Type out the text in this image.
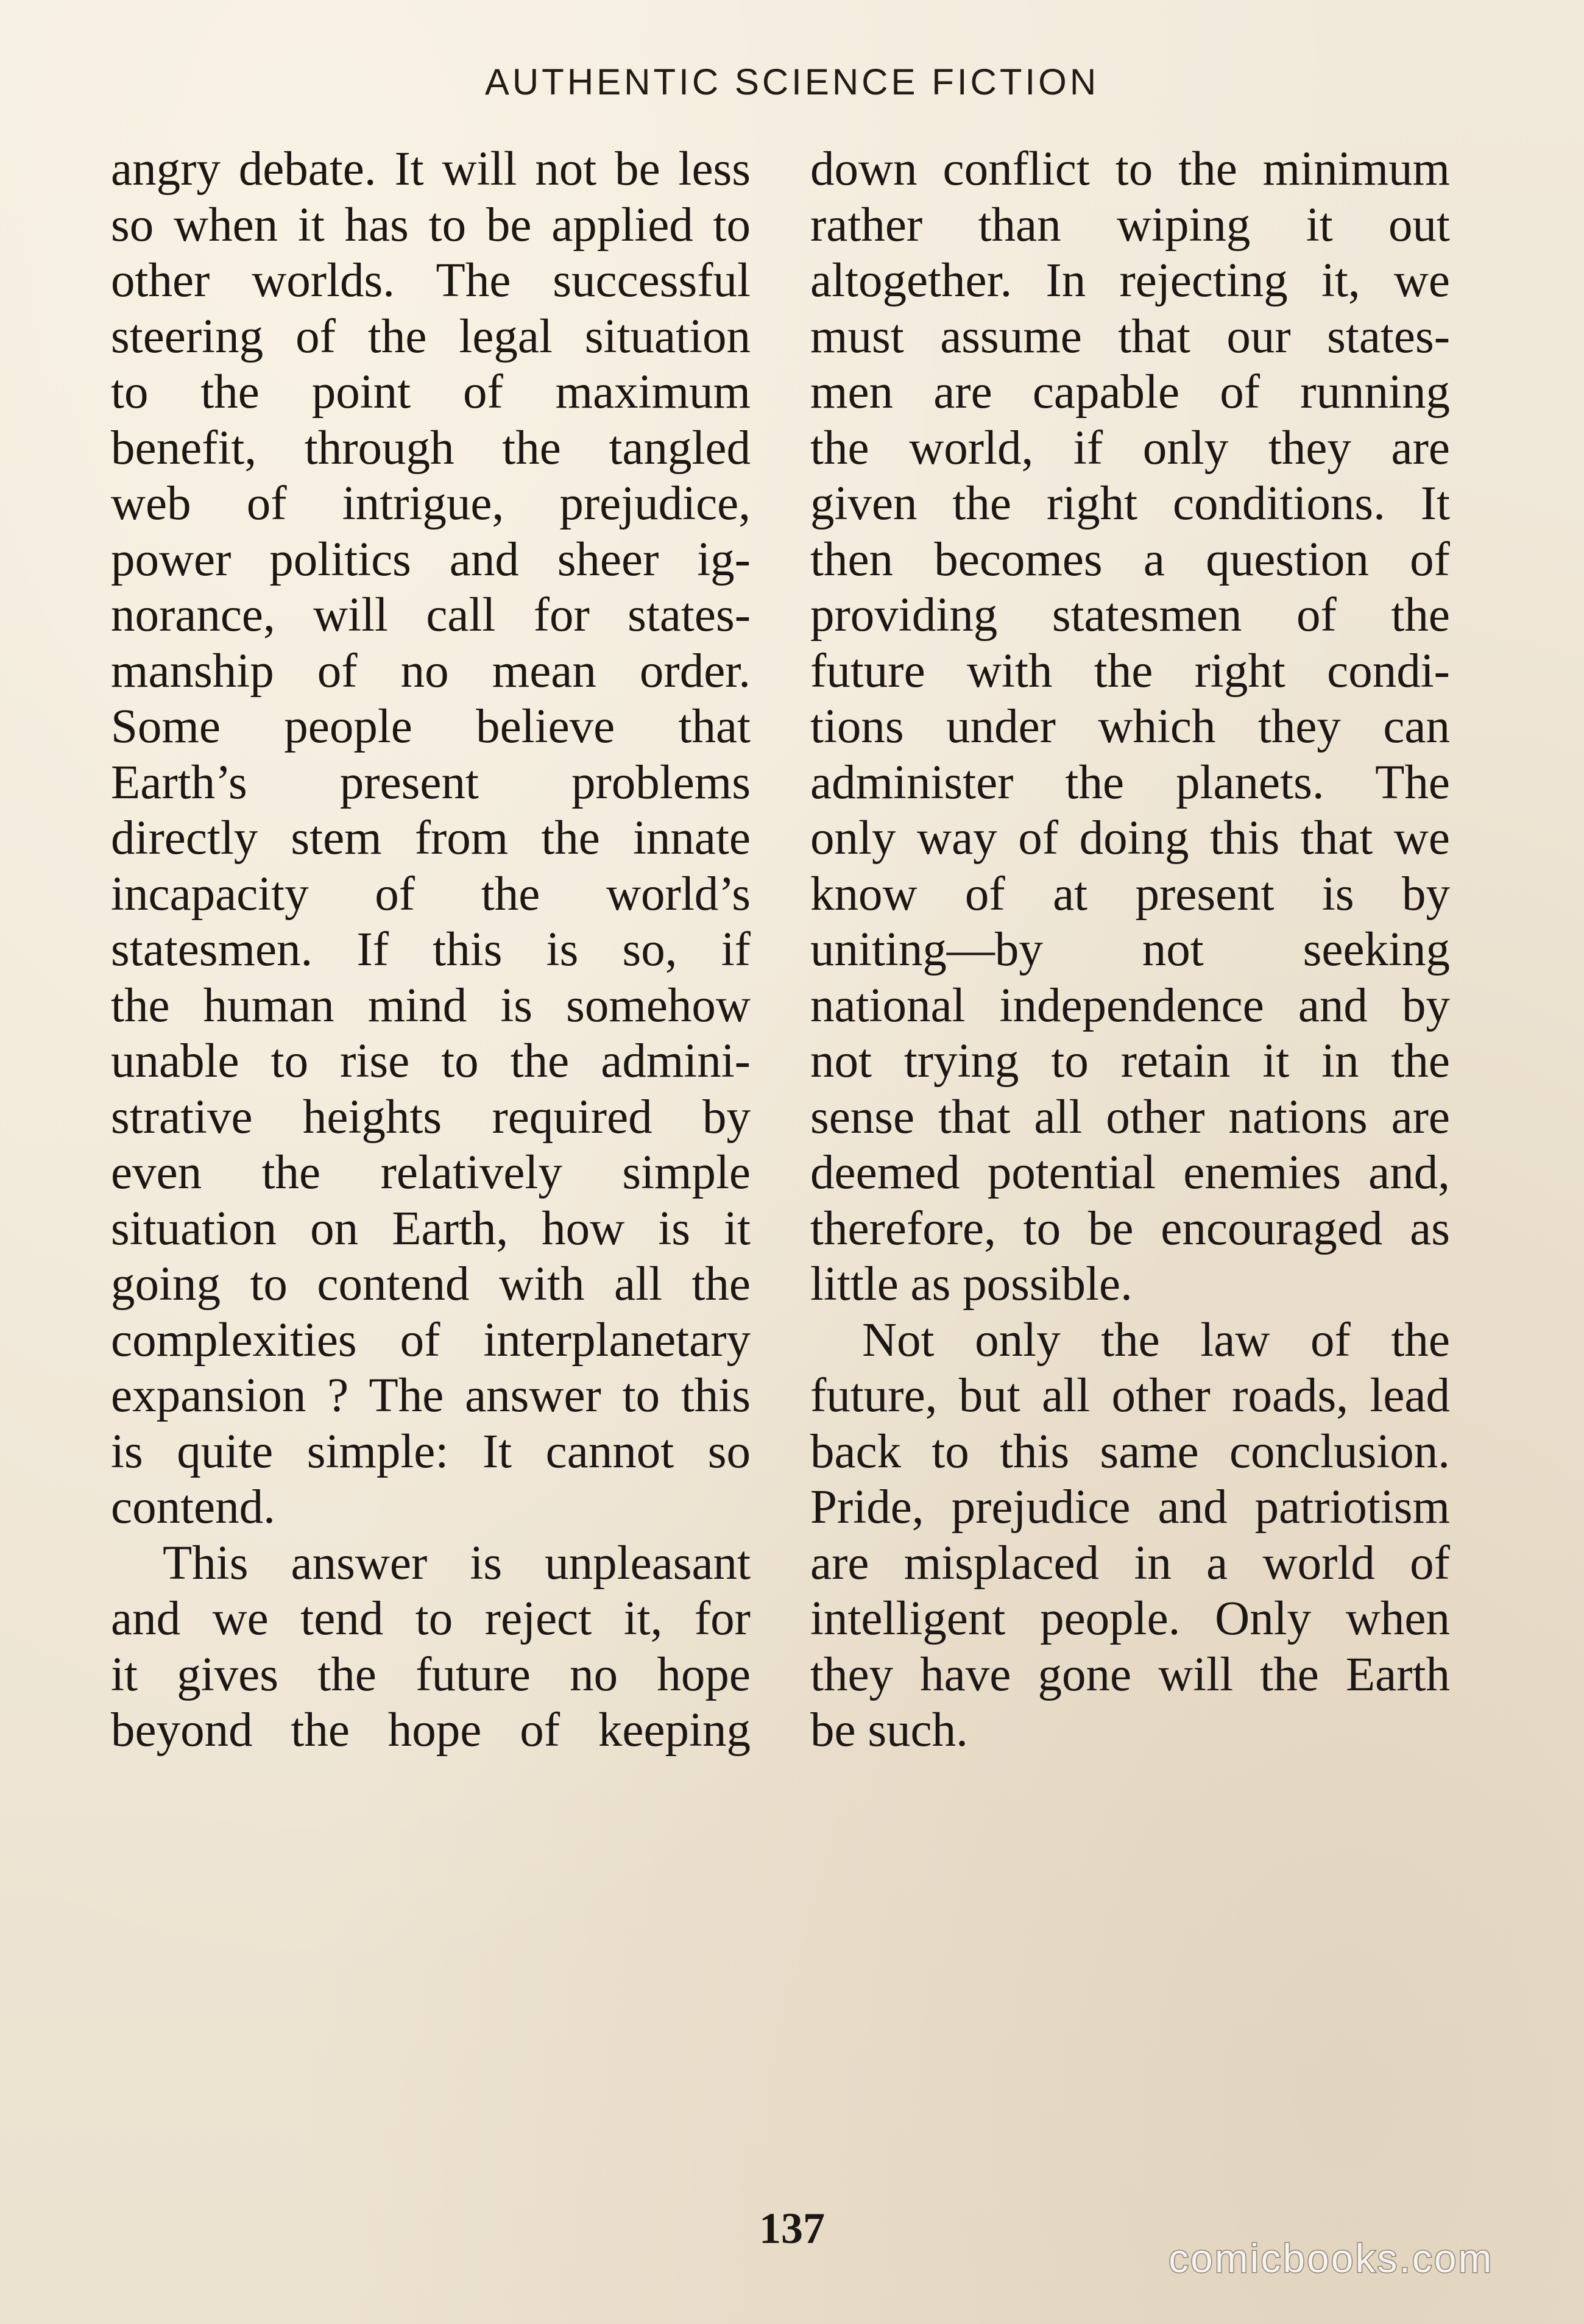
AUTHENTIC SCIENCE FICTION
angry debate. It will not be less
so when it has to be applied to
other worlds. The successful
steering of the legal situation
to the point of maximum
benefit, through the tangled
web of intrigue, prejudice,
power politics and sheer ig-
norance, will call for states-
manship of no mean order.
Some people believe that
Earth’s present problems
directly stem from the innate
incapacity of the world’s
statesmen. If this is so, if
the human mind is somehow
unable to rise to the admini-
strative heights required by
even the relatively simple
situation on Earth, how is it
going to contend with all the
complexities of interplanetary
expansion ? The answer to this
is quite simple: It cannot so
contend.
This answer is unpleasant
and we tend to reject it, for
it gives the future no hope
beyond the hope of keeping
down conflict to the minimum
rather than wiping it out
altogether. In rejecting it, we
must assume that our states-
men are capable of running
the world, if only they are
given the right conditions. It
then becomes a question of
providing statesmen of the
future with the right condi-
tions under which they can
administer the planets. The
only way of doing this that we
know of at present is by
uniting—by not seeking
national independence and by
not trying to retain it in the
sense that all other nations are
deemed potential enemies and,
therefore, to be encouraged as
little as possible.
Not only the law of the
future, but all other roads, lead
back to this same conclusion.
Pride, prejudice and patriotism
are misplaced in a world of
intelligent people. Only when
they have gone will the Earth
be such.
137
comicbooks.com
